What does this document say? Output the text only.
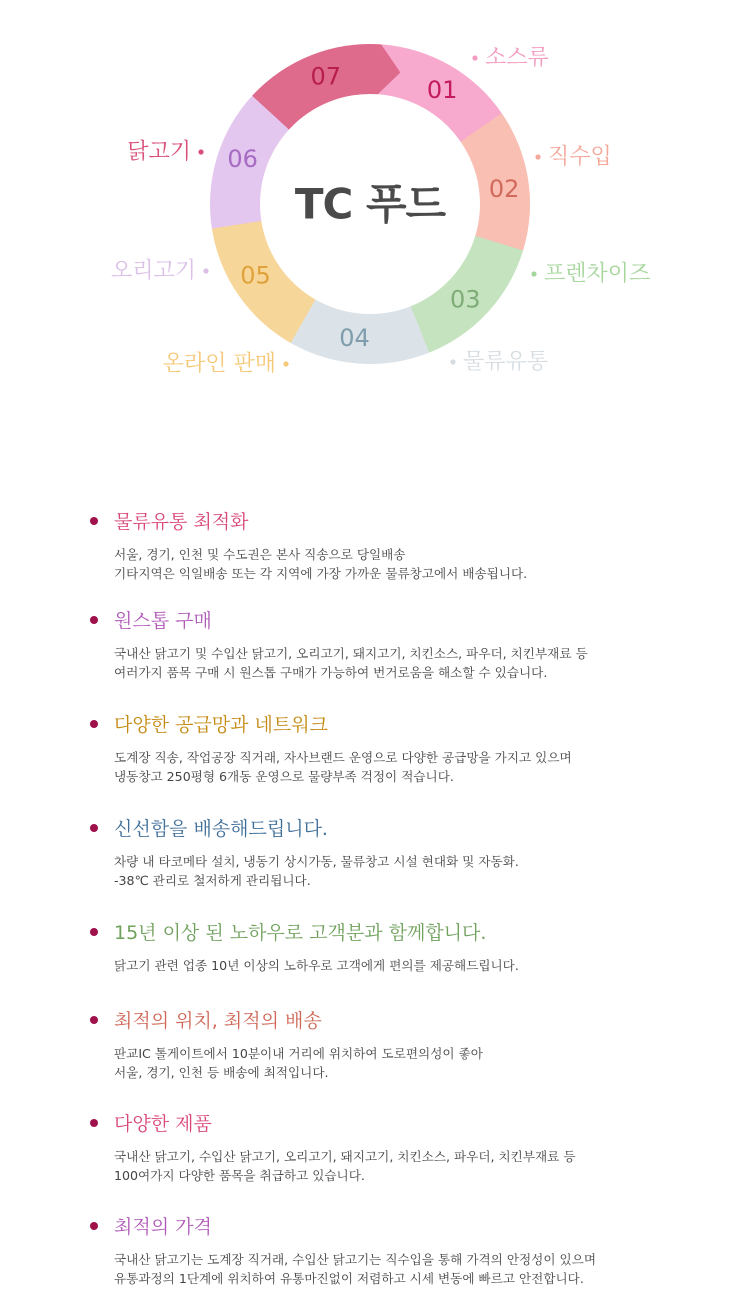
01
소스류
02
직수입
03
프렌차이즈
04
물류유통
05
온라인 판매
06
오리고기
07
닭고기
TC 푸드
물류유통 최적화
서울, 경기, 인천 및 수도권은 본사 직송으로 당일배송
기타지역은 익일배송 또는 각 지역에 가장 가까운 물류창고에서 배송됩니다.
원스톱 구매
국내산 닭고기 및 수입산 닭고기, 오리고기, 돼지고기, 치킨소스, 파우더, 치킨부재료 등
여러가지 품목 구매 시 원스톱 구매가 가능하여 번거로움을 해소할 수 있습니다.
다양한 공급망과 네트워크
도계장 직송, 작업공장 직거래, 자사브랜드 운영으로 다양한 공급망을 가지고 있으며
냉동창고 250평형 6개동 운영으로 물량부족 걱정이 적습니다.
신선함을 배송해드립니다.
차량 내 타코메타 설치, 냉동기 상시가동, 물류창고 시설 현대화 및 자동화.
-38℃ 관리로 철저하게 관리됩니다.
15년 이상 된 노하우로 고객분과 함께합니다.
닭고기 관련 업종 10년 이상의 노하우로 고객에게 편의를 제공해드립니다.
최적의 위치, 최적의 배송
판교IC 톨게이트에서 10분이내 거리에 위치하여 도로편의성이 좋아
서울, 경기, 인천 등 배송에 최적입니다.
다양한 제품
국내산 닭고기, 수입산 닭고기, 오리고기, 돼지고기, 치킨소스, 파우더, 치킨부재료 등
100여가지 다양한 품목을 취급하고 있습니다.
최적의 가격
국내산 닭고기는 도계장 직거래, 수입산 닭고기는 직수입을 통해 가격의 안정성이 있으며
유통과정의 1단계에 위치하여 유통마진없이 저렴하고 시세 변동에 빠르고 안전합니다.
